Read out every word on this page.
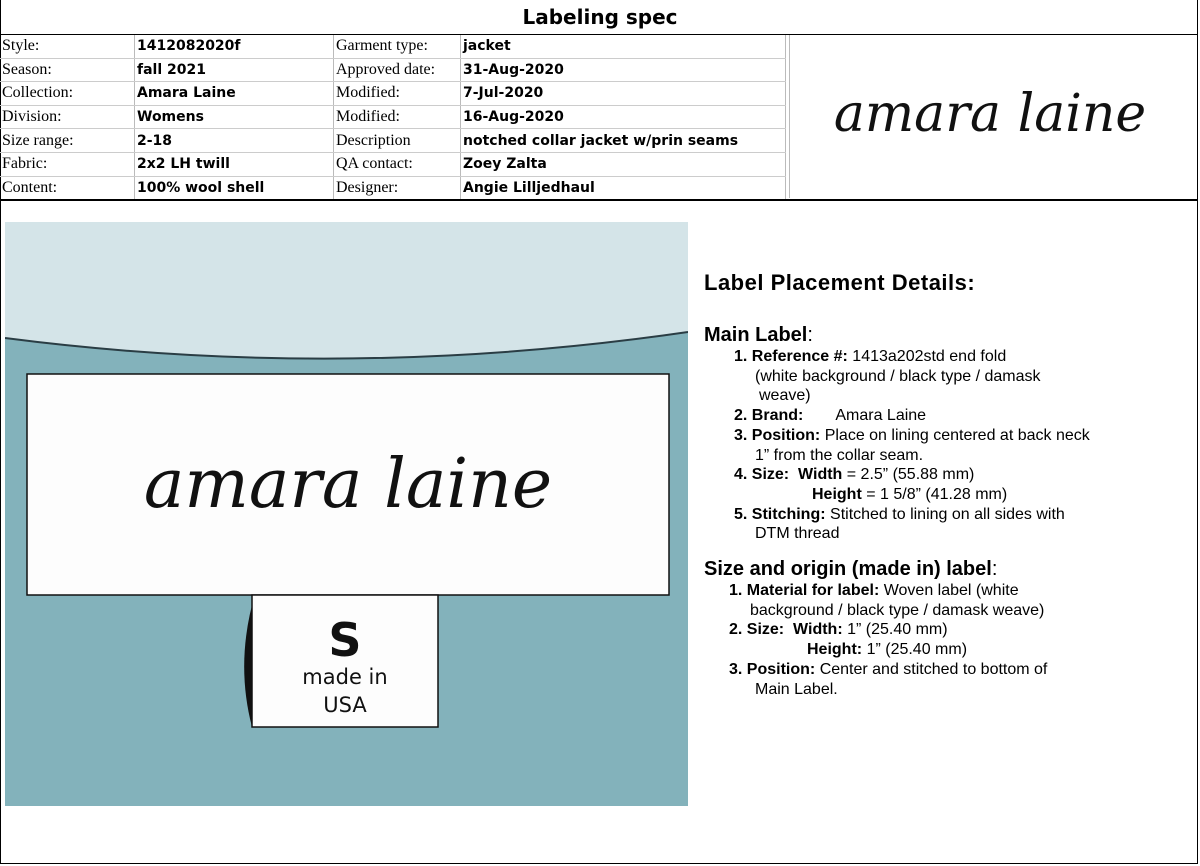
Labeling spec
Style:	1412082020f	Garment type:	jacket
Season:	fall 2021	Approved date:	31-Aug-2020
Collection:	Amara Laine	Modified:	7-Jul-2020
Division:	Womens	Modified:	16-Aug-2020
Size range:	2-18	Description	notched collar jacket w/prin seams
Fabric:	2x2 LH twill	QA contact:	Zoey Zalta
Content:	100% wool shell	Designer:	Angie Lilljedhaul
amara laine
amara laine
S
made in
USA
Label Placement Details:

Main Label:

1. Reference #: 1413a202std end fold
(white background / black type / damask
weave)
2. Brand: Amara Laine
3. Position: Place on lining centered at back neck
1” from the collar seam.
4. Size: Width = 2.5” (55.88 mm)
Height = 1 5/8” (41.28 mm)
5. Stitching: Stitched to lining on all sides with
DTM thread

Size and origin (made in) label:

1. Material for label: Woven label (white
background / black type / damask weave)
2. Size: Width: 1” (25.40 mm)
Height: 1” (25.40 mm)
3. Position: Center and stitched to bottom of
Main Label.
